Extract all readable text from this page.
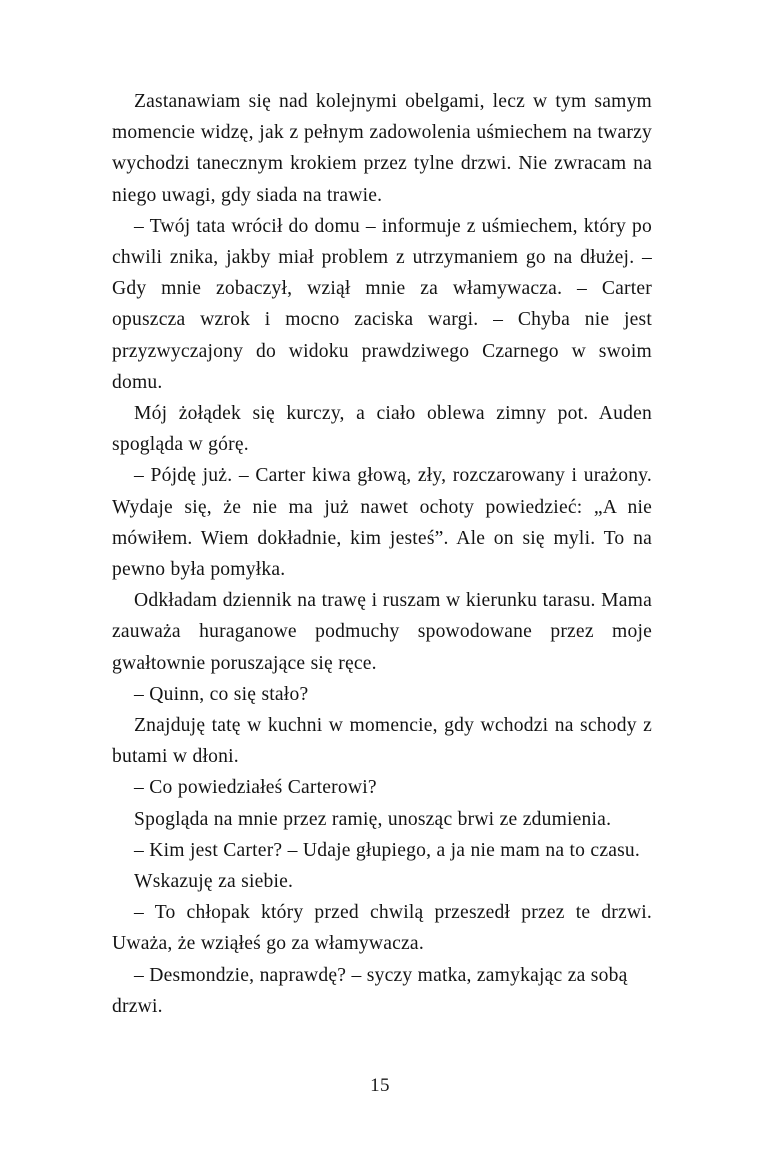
Zastanawiam się nad kolejnymi obelgami, lecz w tym samym momencie widzę, jak z pełnym zadowolenia uśmiechem na twarzy wychodzi tanecznym krokiem przez tylne drzwi. Nie zwracam na niego uwagi, gdy siada na trawie.

– Twój tata wrócił do domu – informuje z uśmiechem, który po chwili znika, jakby miał problem z utrzymaniem go na dłużej. – Gdy mnie zobaczył, wziął mnie za włamywacza. – Carter opuszcza wzrok i mocno zaciska wargi. – Chyba nie jest przyzwyczajony do widoku prawdziwego Czarnego w swoim domu.

Mój żołądek się kurczy, a ciało oblewa zimny pot. Auden spogląda w górę.

– Pójdę już. – Carter kiwa głową, zły, rozczarowany i urażony. Wydaje się, że nie ma już nawet ochoty powiedzieć: „A nie mówiłem. Wiem dokładnie, kim jesteś”. Ale on się myli. To na pewno była pomyłka.

Odkładam dziennik na trawę i ruszam w kierunku tarasu. Mama zauważa huraganowe podmuchy spowodowane przez moje gwałtownie poruszające się ręce.

– Quinn, co się stało?

Znajduję tatę w kuchni w momencie, gdy wchodzi na schody z butami w dłoni.

– Co powiedziałeś Carterowi?

Spogląda na mnie przez ramię, unosząc brwi ze zdumienia.

– Kim jest Carter? – Udaje głupiego, a ja nie mam na to czasu.

Wskazuję za siebie.

– To chłopak który przed chwilą przeszedł przez te drzwi. Uważa, że wziąłeś go za włamywacza.

– Desmondzie, naprawdę? – syczy matka, zamykając za sobą drzwi.

15
